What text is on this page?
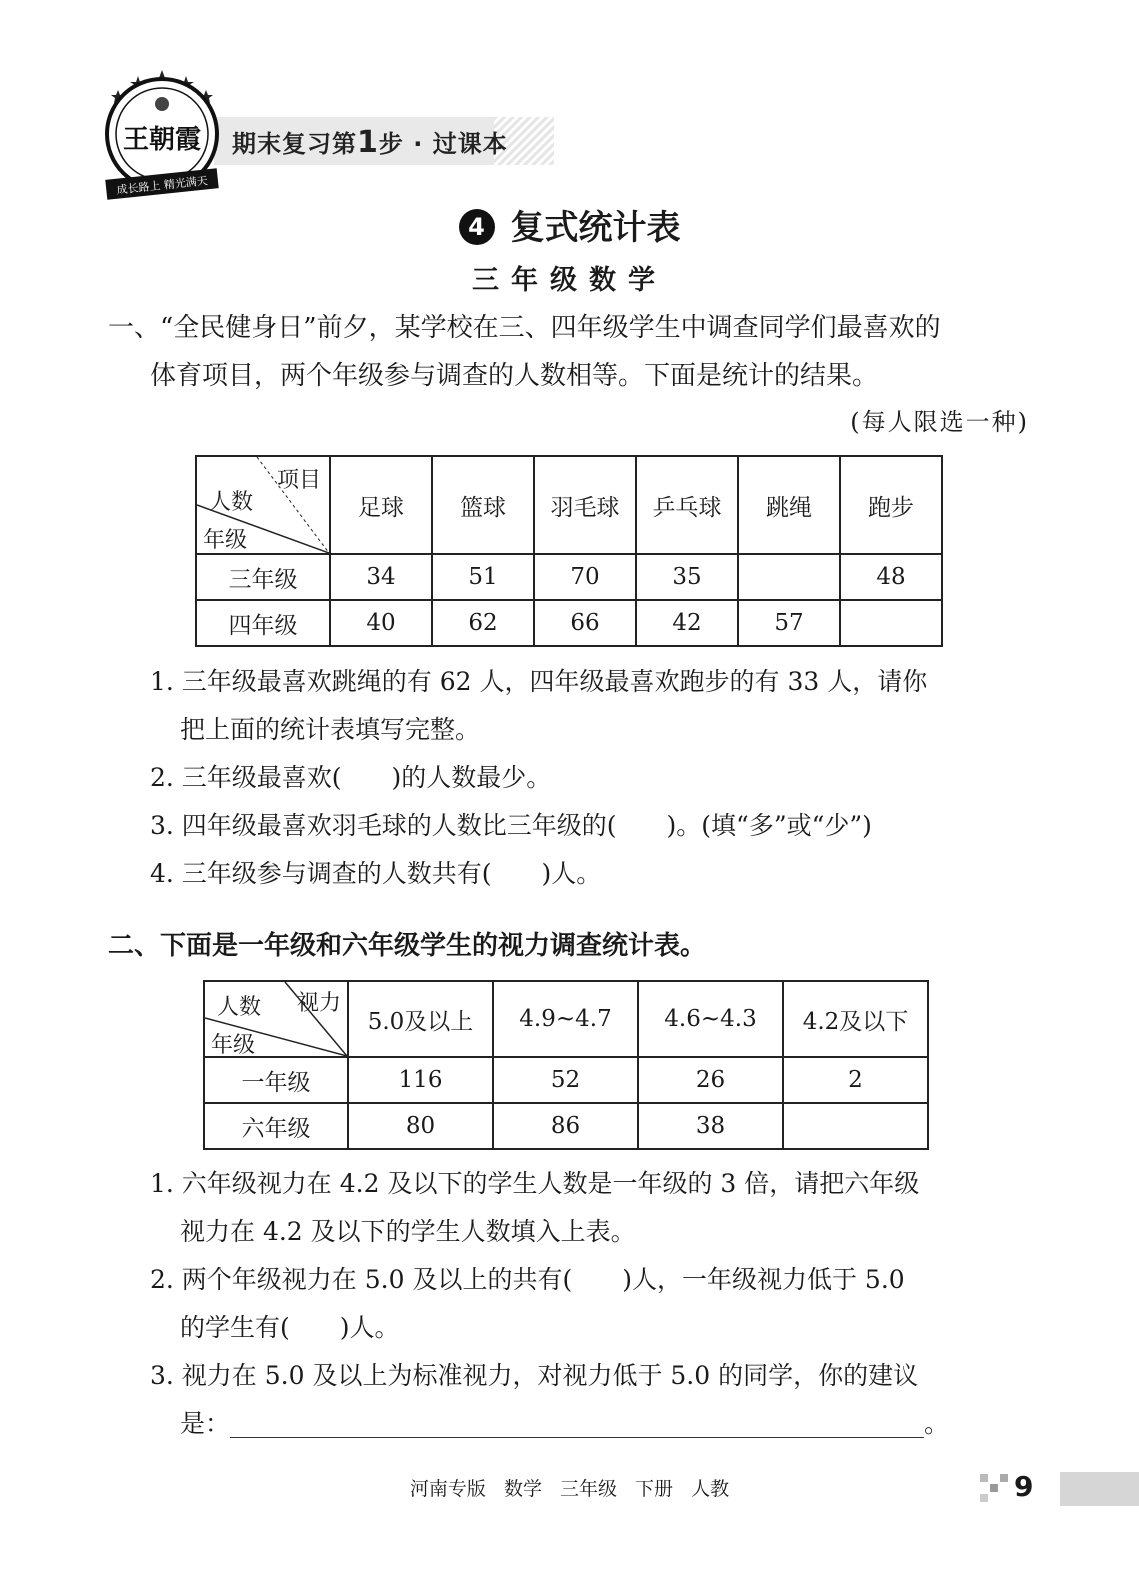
王朝霞
成长路上 精光满天
期末复习第1步 · 过课本
4 复式统计表
三年级数学
一、“全民健身日”前夕，某学校在三、四年级学生中调查同学们最喜欢的
体育项目，两个年级参与调查的人数相等。下面是统计的结果。
(每人限选一种)
项目
人数
年级	足球	篮球	羽毛球	乒乓球	跳绳	跑步
三年级	34	51	70	35		48
四年级	40	62	66	42	57	
1. 三年级最喜欢跳绳的有 62 人，四年级最喜欢跑步的有 33 人，请你
把上面的统计表填写完整。
2. 三年级最喜欢(　　)的人数最少。
3. 四年级最喜欢羽毛球的人数比三年级的(　　)。(填“多”或“少”)
4. 三年级参与调查的人数共有(　　)人。
二、下面是一年级和六年级学生的视力调查统计表。
视力
人数
年级	5.0及以上	4.9~4.7	4.6~4.3	4.2及以下
一年级	116	52	26	2
六年级	80	86	38	
1. 六年级视力在 4.2 及以下的学生人数是一年级的 3 倍，请把六年级
视力在 4.2 及以下的学生人数填入上表。
2. 两个年级视力在 5.0 及以上的共有(　　)人，一年级视力低于 5.0
的学生有(　　)人。
3. 视力在 5.0 及以上为标准视力，对视力低于 5.0 的同学，你的建议
是：	。
河南专版 数学 三年级 下册 人教	9
